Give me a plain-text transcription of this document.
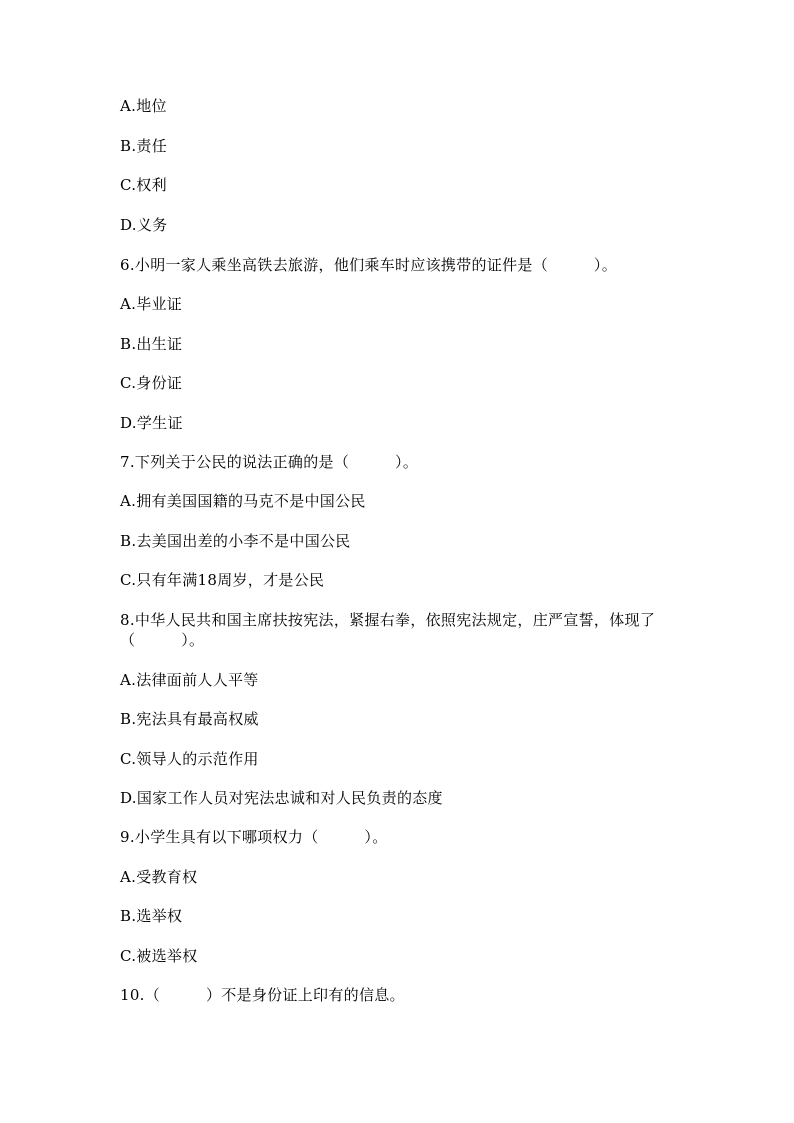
A.地位
B.责任
C.权利
D.义务
6.小明一家人乘坐高铁去旅游，他们乘车时应该携带的证件是（　　　）。
A.毕业证
B.出生证
C.身份证
D.学生证
7.下列关于公民的说法正确的是（　　　）。
A.拥有美国国籍的马克不是中国公民
B.去美国出差的小李不是中国公民
C.只有年满18周岁，才是公民
8.中华人民共和国主席扶按宪法，紧握右拳，依照宪法规定，庄严宣誓，体现了（　　　）。
A.法律面前人人平等
B.宪法具有最高权威
C.领导人的示范作用
D.国家工作人员对宪法忠诚和对人民负责的态度
9.小学生具有以下哪项权力（　　　）。
A.受教育权
B.选举权
C.被选举权
10.（　　　）不是身份证上印有的信息。
